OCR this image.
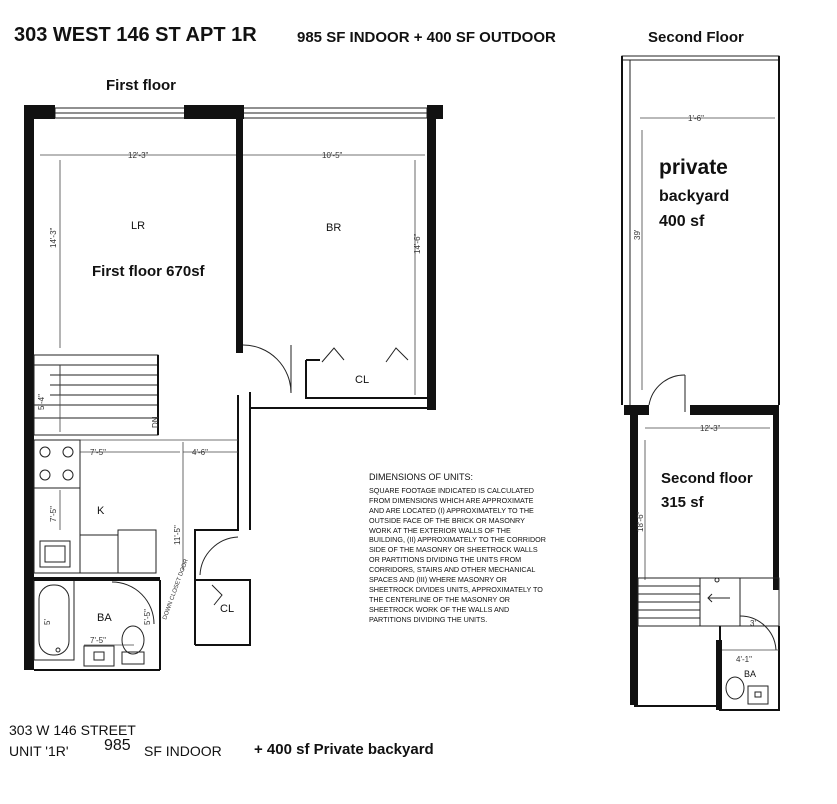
303 WEST 146 ST APT 1R	985 SF INDOOR + 400 SF OUTDOOR	Second Floor
First floor
CL
DN
K
BA
CL
12'-3"	10'-5"
14'-3"	14'-6"
5'-4"
7'-5"	4'-6"
7'-5"
11'-5"
7'-5"
5'	5'-5" DOWN CLOSET DOOR
LR	BR
1'-6"
39'
12'-3"
18'-6"
3'
4'-1"
BA
First floor 670sf
private
backyard
400 sf
Second floor
315 sf
DIMENSIONS OF UNITS:
SQUARE FOOTAGE INDICATED IS CALCULATED FROM DIMENSIONS WHICH ARE APPROXIMATE AND ARE LOCATED (I) APPROXIMATELY TO THE OUTSIDE FACE OF THE BRICK OR MASONRY WORK AT THE EXTERIOR WALLS OF THE BUILDING, (II) APPROXIMATELY TO THE CORRIDOR SIDE OF THE MASONRY OR SHEETROCK WALLS OR PARTITIONS DIVIDING THE UNITS FROM CORRIDORS, STAIRS AND OTHER MECHANICAL SPACES AND (III) WHERE MASONRY OR SHEETROCK DIVIDES UNITS, APPROXIMATELY TO THE CENTERLINE OF THE MASONRY OR SHEETROCK WORK OF THE WALLS AND PARTITIONS DIVIDING THE UNITS.
303 W 146 STREET
UNIT '1R' 985 SF INDOOR + 400 sf Private backyard
